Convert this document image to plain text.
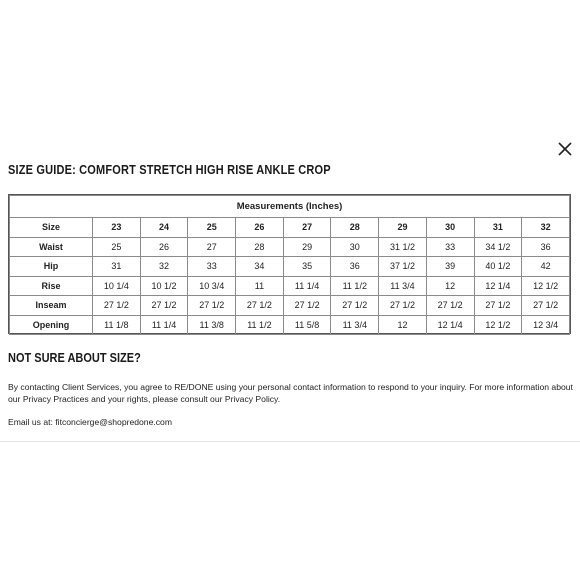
SIZE GUIDE: COMFORT STRETCH HIGH RISE ANKLE CROP
Measurements (Inches)										
Size	23	24	25	26	27	28	29	30	31	32
Waist	25	26	27	28	29	30	31 1/2	33	34 1/2	36
Hip	31	32	33	34	35	36	37 1/2	39	40 1/2	42
Rise	10 1/4	10 1/2	10 3/4	11	11 1/4	11 1/2	11 3/4	12	12 1/4	12 1/2
Inseam	27 1/2	27 1/2	27 1/2	27 1/2	27 1/2	27 1/2	27 1/2	27 1/2	27 1/2	27 1/2
Opening	11 1/8	11 1/4	11 3/8	11 1/2	11 5/8	11 3/4	12	12 1/4	12 1/2	12 3/4
NOT SURE ABOUT SIZE?
By contacting Client Services, you agree to RE/DONE using your personal contact information to respond to your inquiry. For more information about our Privacy Practices and your rights, please consult our Privacy Policy.
Email us at: fitconcierge@shopredone.com
